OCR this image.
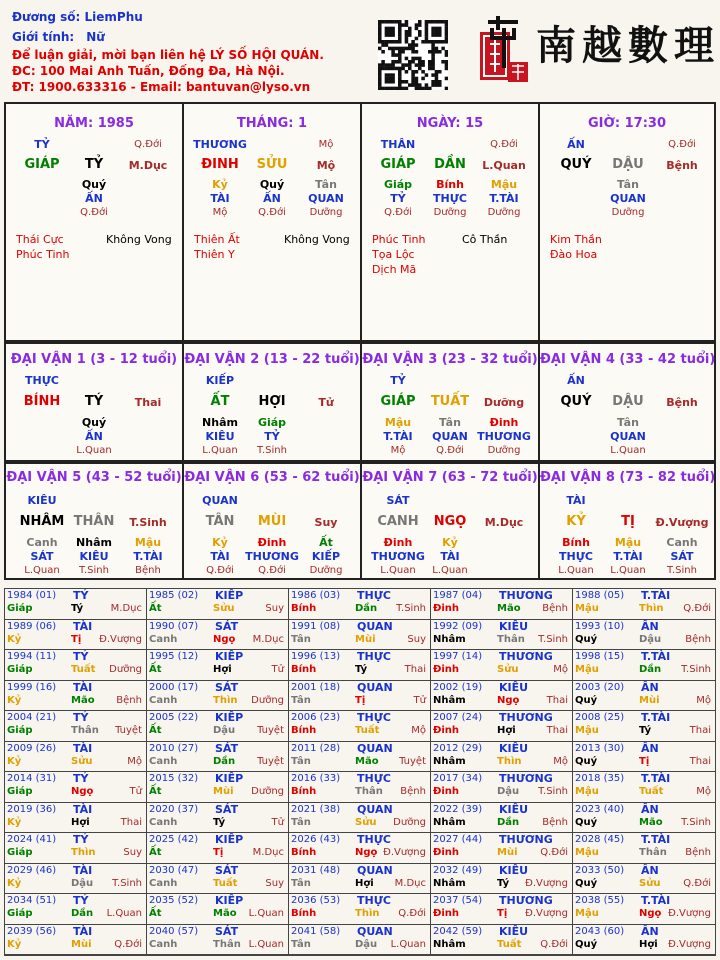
Đương số: LiemPhu
Giới tính: Nữ
Để luận giải, mời bạn liên hệ LÝ SỐ HỘI QUÁN.
ĐC: 100 Mai Anh Tuấn, Đống Đa, Hà Nội.
ĐT: 1900.633316 - Email: bantuvan@lyso.vn
南越數理
NĂM: 1985
TỶ	Q.Đới
GIÁP	TỶ	M.Dục
Quý
ẤN
Q.Đới
Thái Cực
Phúc Tinh
Không Vong
THÁNG: 1
THƯƠNG	Mộ
ĐINH	SỬU	Mộ
Kỷ
TÀI
Mộ
Quý
ẤN
Q.Đới
Tân
QUAN
Dưỡng
Thiên Ất
Thiên Y
Không Vong
NGÀY: 15
THÂN	Q.Đới
GIÁP	DẦN	L.Quan
Giáp
TỶ
Q.Đới
Bính
THỰC
Dưỡng
Mậu
T.TÀI
Dưỡng
Phúc Tinh
Tọa Lộc
Dịch Mã
Cô Thần
GIỜ: 17:30
ẤN	Q.Đới
QUÝ	DẬU	Bệnh
Tân
QUAN
Dưỡng
Kim Thần
Đào Hoa
ĐẠI VẬN 1 (3 - 12 tuổi)
THỰC
BÍNH	TÝ	Thai
Quý
ẤN
L.Quan
ĐẠI VẬN 2 (13 - 22 tuổi)
KIẾP
ẤT	HỢI	Tử
Nhâm
KIÊU
L.Quan
Giáp
TỶ
T.Sinh
ĐẠI VẬN 3 (23 - 32 tuổi)
TỶ
GIÁP	TUẤT	Dưỡng
Mậu
T.TÀI
Mộ
Tân
QUAN
Q.Đới
Đinh
THƯƠNG
Dưỡng
ĐẠI VẬN 4 (33 - 42 tuổi)
ẤN
QUÝ	DẬU	Bệnh
Tân
QUAN
L.Quan
ĐẠI VẬN 5 (43 - 52 tuổi)
KIÊU
NHÂM THÂN	T.Sinh
Canh
SÁT
L.Quan
Nhâm
KIÊU
T.Sinh
Mậu
T.TÀI
Bệnh
ĐẠI VẬN 6 (53 - 62 tuổi)
QUAN
TÂN	MÙI	Suy
Kỷ
TÀI
Q.Đới
Đinh
THƯƠNG
Q.Đới
Ất
KIẾP
Dưỡng
ĐẠI VẬN 7 (63 - 72 tuổi)
SÁT
CANH	NGỌ	M.Dục
Đinh
THƯƠNG
L.Quan
Kỷ
TÀI
L.Quan
ĐẠI VẬN 8 (73 - 82 tuổi)
TÀI
KỶ	TỊ	Đ.Vượng
Bính
THỰC
L.Quan
Mậu
T.TÀI
L.Quan
Canh
SÁT
T.Sinh
1984 (01) TỶ
Giáp	Tý	M.Dục
1985 (02) KIẾP
Ất	Sửu	Suy
1986 (03) THỰC
Bính	Dần T.Sinh
1987 (04) THƯƠNG
Đinh	Mão Bệnh
1988 (05) T.TÀI
Mậu	Thìn Q.Đới
1989 (06) TÀI
Kỷ	Tị Đ.Vượng
1990 (07) SÁT
Canh	Ngọ M.Dục
1991 (08) QUAN
Tân	Mùi	Suy
1992 (09) KIÊU
Nhâm	Thân T.Sinh
1993 (10) ẤN
Quý	Dậu Bệnh
1994 (11) TỶ
Giáp	Tuất Dưỡng
1995 (12) KIẾP
Ất	Hợi	Tử
1996 (13) THỰC
Bính	Tý	Thai
1997 (14) THƯƠNG
Đinh	Sửu	Mộ
1998 (15) T.TÀI
Mậu	Dần T.Sinh
1999 (16) TÀI
Kỷ	Mão Bệnh
2000 (17) SÁT
Canh	Thìn Dưỡng
2001 (18) QUAN
Tân	Tị	Tử
2002 (19) KIÊU
Nhâm	Ngọ	Thai
2003 (20) ẤN
Quý	Mùi	Mộ
2004 (21) TỶ
Giáp	Thân Tuyệt
2005 (22) KIẾP
Ất	Dậu Tuyệt
2006 (23) THỰC
Bính	Tuất	Mộ
2007 (24) THƯƠNG
Đinh	Hợi	Thai
2008 (25) T.TÀI
Mậu	Tý	Thai
2009 (26) TÀI
Kỷ	Sửu	Mộ
2010 (27) SÁT
Canh	Dần Tuyệt
2011 (28) QUAN
Tân	Mão Tuyệt
2012 (29) KIÊU
Nhâm	Thìn	Mộ
2013 (30) ẤN
Quý	Tị	Thai
2014 (31) TỶ
Giáp	Ngọ	Tử
2015 (32) KIẾP
Ất	Mùi Dưỡng
2016 (33) THỰC
Bính	Thân Bệnh
2017 (34) THƯƠNG
Đinh	Dậu T.Sinh
2018 (35) T.TÀI
Mậu	Tuất	Mộ
2019 (36) TÀI
Kỷ	Hợi	Thai
2020 (37) SÁT
Canh	Tý	Tử
2021 (38) QUAN
Tân	Sửu Dưỡng
2022 (39) KIÊU
Nhâm	Dần Bệnh
2023 (40) ẤN
Quý	Mão T.Sinh
2024 (41) TỶ
Giáp	Thìn	Suy
2025 (42) KIẾP
Ất	Tị	M.Dục
2026 (43) THỰC
Bính	Ngọ Đ.Vượng
2027 (44) THƯƠNG
Đinh	Mùi Q.Đới
2028 (45) T.TÀI
Mậu	Thân Bệnh
2029 (46) TÀI
Kỷ	Dậu T.Sinh
2030 (47) SÁT
Canh	Tuất	Suy
2031 (48) QUAN
Tân	Hợi M.Dục
2032 (49) KIÊU
Nhâm	Tý Đ.Vượng
2033 (50) ẤN
Quý	Sửu Q.Đới
2034 (51) TỶ
Giáp	Dần L.Quan
2035 (52) KIẾP
Ất	Mão L.Quan
2036 (53) THỰC
Bính	Thìn Q.Đới
2037 (54) THƯƠNG
Đinh	Tị Đ.Vượng
2038 (55) T.TÀI
Mậu	Ngọ Đ.Vượng
2039 (56) TÀI
Kỷ	Mùi Q.Đới
2040 (57) SÁT
Canh	Thân L.Quan
2041 (58) QUAN
Tân	Dậu L.Quan
2042 (59) KIÊU
Nhâm	Tuất Q.Đới
2043 (60) ẤN
Quý	Hợi Đ.Vượng
